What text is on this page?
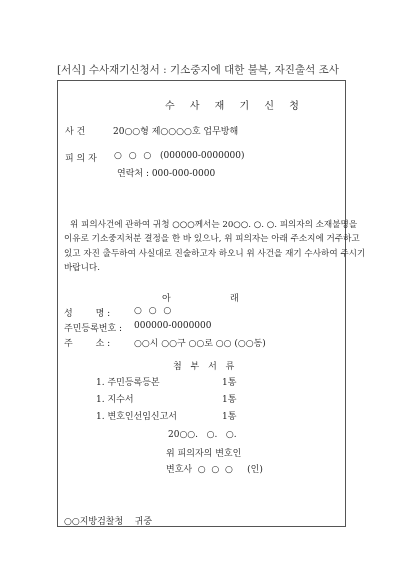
[서식] 수사재기신청서 : 기소중지에 대한 불복, 자진출석 조사
수 사 재 기 신 청
사 건	20○○형 제○○○○호 업무방해
피 의 자 ○ ○ ○ (000000-0000000)
연락처 : 000-000-0000
위 피의사건에 관하여 귀청 ○○○께서는 20○○. ○. ○. 피의자의 소재불명을
이유로 기소중지처분 결정을 한 바 있으나, 위 피의자는 아래 주소지에 거주하고
있고 자진 출두하여 사실대로 진술하고자 하오니 위 사건을 재기 수사하여 주시기
바랍니다.
아	래
성        명 :	○ ○ ○
주민등록번호 : 000000-0000000
주        소 :	○○시 ○○구 ○○로 ○○ (○○동)
첨 부 서 류
1. 주민등록등본	1통
1. 지수서	1통
1. 변호인선임신고서	1통
20○○.   ○.   ○.
위 피의자의 변호인
변호사  ○  ○  ○     (인)
○○지방검찰청    귀중
